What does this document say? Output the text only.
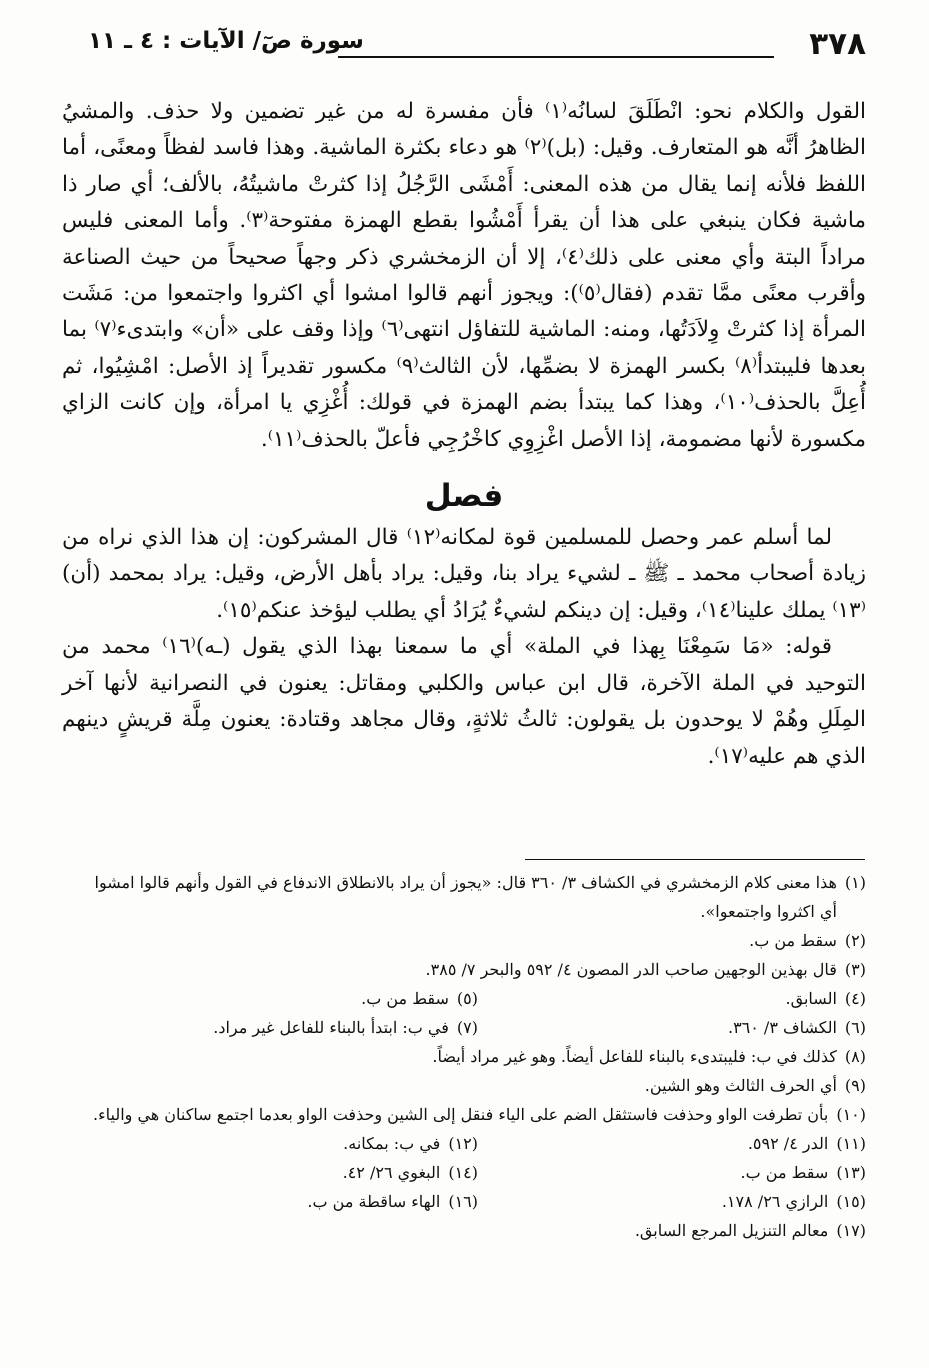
٣٧٨
سورة صٓ/ الآيات : ٤ ـ ١١

القول والكلام نحو: انْطَلَقَ لسانُه⁽١⁾ فأن مفسرة له من غير تضمين ولا حذف. والمشيُ الظاهرُ أنَّه هو المتعارف. وقيل: (بل)⁽٢⁾ هو دعاء بكثرة الماشية. وهذا فاسد لفظاً ومعنًى، أما اللفظ فلأنه إنما يقال من هذه المعنى: أَمْشَى الرَّجُلُ إذا كثرتْ ماشيتُهُ، بالألف؛ أي صار ذا ماشية فكان ينبغي على هذا أن يقرأ أَمْشُوا بقطع الهمزة مفتوحة⁽٣⁾. وأما المعنى فليس مراداً البتة وأي معنى على ذلك⁽٤⁾، إلا أن الزمخشري ذكر وجهاً صحيحاً من حيث الصناعة وأقرب معنًى ممَّا تقدم (فقال⁽٥⁾): ويجوز أنهم قالوا امشوا أي اكثروا واجتمعوا من: مَشَت المرأة إذا كثرتْ وِلاَدَتُها، ومنه: الماشية للتفاؤل انتهى⁽٦⁾ وإذا وقف على «أن» وابتدىء⁽٧⁾ بما بعدها فليبتدأ⁽٨⁾ بكسر الهمزة لا بضمِّها، لأن الثالث⁽٩⁾ مكسور تقديراً إذ الأصل: امْشِيُوا، ثم أُعِلَّ بالحذف⁽١٠⁾، وهذا كما يبتدأ بضم الهمزة في قولك: أُغْزِي يا امرأة، وإن كانت الزاي مكسورة لأنها مضمومة، إذا الأصل اغْزِوِي كاخْرُجِي فأعلّ بالحذف⁽١١⁾.

فصل

لما أسلم عمر وحصل للمسلمين قوة لمكانه⁽١٢⁾ قال المشركون: إن هذا الذي نراه من زيادة أصحاب محمد ـ ﷺ ـ لشيء يراد بنا، وقيل: يراد بأهل الأرض، وقيل: يراد بمحمد (أن)⁽١٣⁾ يملك علينا⁽١٤⁾، وقيل: إن دينكم لشيءٌ يُرَادُ أي يطلب ليؤخذ عنكم⁽١٥⁾.

قوله: «مَا سَمِعْنَا بِهذا في الملة» أي ما سمعنا بهذا الذي يقول (ـه)⁽١٦⁾ محمد من التوحيد في الملة الآخرة، قال ابن عباس والكلبي ومقاتل: يعنون في النصرانية لأنها آخر المِلَلِ وهُمْ لا يوحدون بل يقولون: ثالثُ ثلاثةٍ، وقال مجاهد وقتادة: يعنون مِلَّة قريشٍ دينهم الذي هم عليه⁽١٧⁾.

(١)
هذا معنى كلام الزمخشري في الكشاف ٣/ ٣٦٠ قال: «يجوز أن يراد بالانطلاق الاندفاع في القول وأنهم قالوا امشوا أي اكثروا واجتمعوا».

(٢)
سقط من ب.

(٣)
قال بهذين الوجهين صاحب الدر المصون ٤/ ٥٩٢ والبحر ٧/ ٣٨٥.

(٤)
السابق.

(٥)
سقط من ب.

(٦)
الكشاف ٣/ ٣٦٠.

(٧)
في ب: ابتدأ بالبناء للفاعل غير مراد.

(٨)
كذلك في ب: فليبتدىء بالبناء للفاعل أيضاً. وهو غير مراد أيضاً.

(٩)
أي الحرف الثالث وهو الشين.

(١٠)
بأن تطرفت الواو وحذفت فاستثقل الضم على الياء فنقل إلى الشين وحذفت الواو بعدما اجتمع ساكنان هي والياء.

(١١)
الدر ٤/ ٥٩٢.

(١٢)
في ب: بمكانه.

(١٣)
سقط من ب.

(١٤)
البغوي ٢٦/ ٤٢.

(١٥)
الرازي ٢٦/ ١٧٨.

(١٦)
الهاء ساقطة من ب.

(١٧)
معالم التنزيل المرجع السابق.
